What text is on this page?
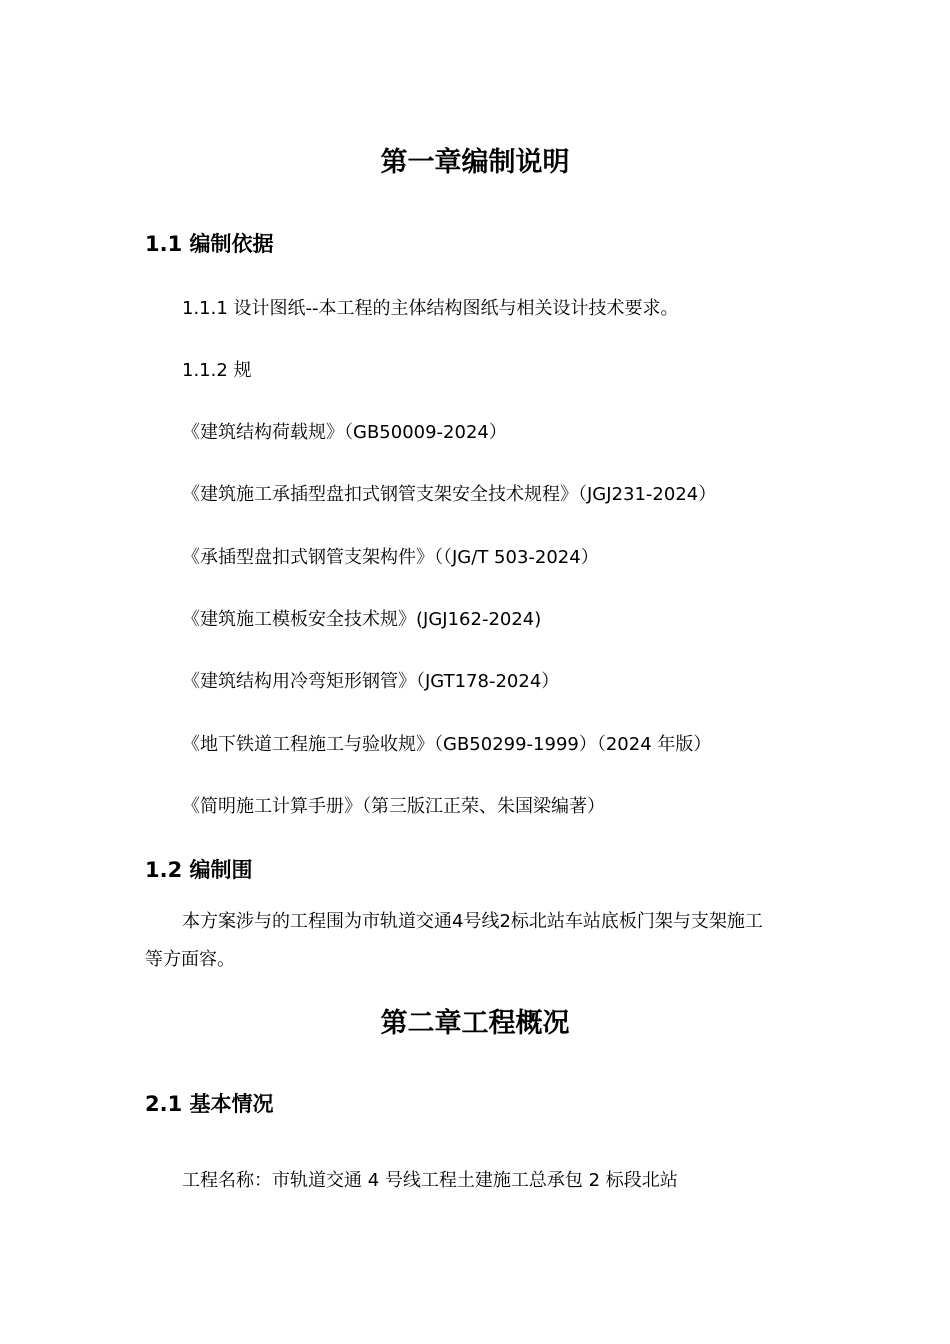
第一章编制说明
1.1 编制依据
1.1.1 设计图纸--本工程的主体结构图纸与相关设计技术要求。
1.1.2 规
《建筑结构荷载规》（GB50009-2024）
《建筑施工承插型盘扣式钢管支架安全技术规程》（JGJ231-2024）
《承插型盘扣式钢管支架构件》（（JG/T 503-2024）
《建筑施工模板安全技术规》(JGJ162-2024)
《建筑结构用冷弯矩形钢管》（JGT178-2024）
《地下铁道工程施工与验收规》（GB50299-1999）（2024 年版）
《简明施工计算手册》（第三版江正荣、朱国梁编著）
1.2 编制围
本方案涉与的工程围为市轨道交通4号线2标北站车站底板门架与支架施工
等方面容。
第二章工程概况
2.1 基本情况
工程名称：市轨道交通 4 号线工程土建施工总承包 2 标段北站
